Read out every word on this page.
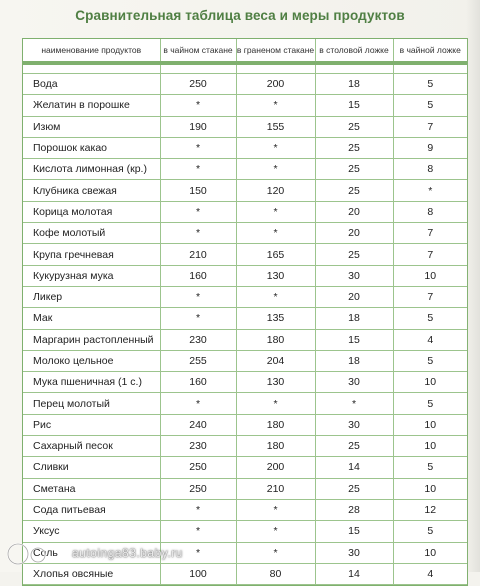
Сравнительная таблица веса и меры продуктов
наименование продуктов	в чайном стакане	в граненом стакане	в столовой ложке	в чайной ложке

Вода	250	200	18	5
Желатин в порошке	*	*	15	5
Изюм	190	155	25	7
Порошок какао	*	*	25	9
Кислота лимонная (кр.)	*	*	25	8
Клубника свежая	150	120	25	*
Корица молотая	*	*	20	8
Кофе молотый	*	*	20	7
Крупа гречневая	210	165	25	7
Кукурузная мука	160	130	30	10
Ликер	*	*	20	7
Мак	*	135	18	5
Маргарин растопленный	230	180	15	4
Молоко цельное	255	204	18	5
Мука пшеничная (1 с.)	160	130	30	10
Перец молотый	*	*	*	5
Рис	240	180	30	10
Сахарный песок	230	180	25	10
Сливки	250	200	14	5
Сметана	250	210	25	10
Сода питьевая	*	*	28	12
Уксус	*	*	15	5
Соль	*	*	30	10
Хлопья овсяные	100	80	14	4
autoinga83.baby.ru
